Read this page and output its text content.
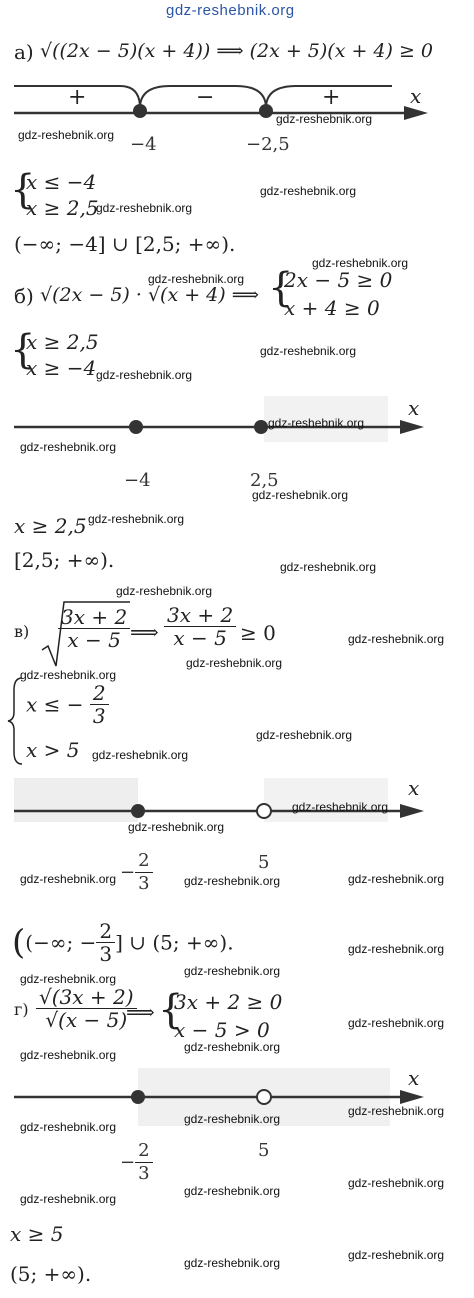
gdz-reshebnik.org
а) √((2x − 5)(x + 4)) ⟹ (2x + 5)(x + 4) ≥ 0
+	−	+	x
−4	−2,5
gdz-reshebnik.org
gdz-reshebnik.org
{
x ≤ −4
x ≥ 2,5
gdz-reshebnik.org
gdz-reshebnik.org
(−∞; −4] ∪ [2,5; +∞).
gdz-reshebnik.org
gdz-reshebnik.org
б) √(2x − 5) · √(x + 4) ⟹ {
2x − 5 ≥ 0
x + 4 ≥ 0
{
x ≥ 2,5
x ≥ −4
gdz-reshebnik.org
gdz-reshebnik.org
x
gdz-reshebnik.org
gdz-reshebnik.org
−4	2,5
gdz-reshebnik.org
x ≥ 2,5 gdz-reshebnik.org
[2,5; +∞).	gdz-reshebnik.org
gdz-reshebnik.org
$в) \frac{3x + 2}{x - 5}$ ⟹ $\frac{3x + 2}{x - 5} \ge 0$	gdz-reshebnik.org
gdz-reshebnik.org
gdz-reshebnik.org
x ≤ − $\frac{2}{3}$
x > 5
gdz-reshebnik.org
gdz-reshebnik.org
x
gdz-reshebnik.org
gdz-reshebnik.org
− $\frac{2}{3}$	5
gdz-reshebnik.org	gdz-reshebnik.org	gdz-reshebnik.org
((−∞; − $\frac{2}{3}$ ] ∪ (5; +∞).	gdz-reshebnik.org
gdz-reshebnik.org
gdz-reshebnik.org
$г) \frac{√(3x + 2)}{√(x - 5)}$
⟹ {
3x + 2 ≥ 0
x − 5 > 0	gdz-reshebnik.org
gdz-reshebnik.org
gdz-reshebnik.org
x
gdz-reshebnik.org
gdz-reshebnik.org
gdz-reshebnik.org
− $\frac{2}{3}$	5
gdz-reshebnik.org
gdz-reshebnik.org
gdz-reshebnik.org
x ≥ 5
gdz-reshebnik.org
gdz-reshebnik.org
(5; +∞).
